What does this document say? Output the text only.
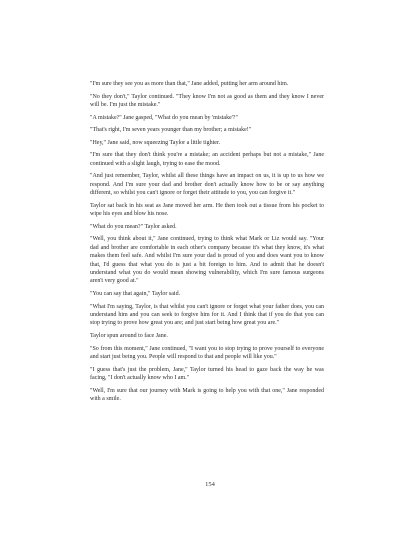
"I'm sure they see you as more than that," Jane added, putting her arm around him.

"No they don't," Taylor continued. "They know I'm not as good as them and they know I never will be. I'm just the mistake."

"A mistake?" Jane gasped, "What do you mean by 'mistake'?"

"That's right, I'm seven years younger than my brother; a mistake!"

"Hey," Jane said, now squeezing Taylor a little tighter.

"I'm sure that they don't think you're a mistake; an accident perhaps but not a mistake," Jane continued with a slight laugh, trying to ease the mood.

"And just remember, Taylor, whilst all these things have an impact on us, it is up to us how we respond. And I'm sure your dad and brother don't actually know how to be or say anything different, so whilst you can't ignore or forget their attitude to you, you can forgive it."

Taylor sat back in his seat as Jane moved her arm. He then took out a tissue from his pocket to wipe his eyes and blow his nose.

"What do you mean?" Taylor asked.

"Well, you think about it," Jane continued, trying to think what Mark or Liz would say. "Your dad and brother are comfortable in each other's company because it's what they know, it's what makes them feel safe. And whilst I'm sure your dad is proud of you and does want you to know that, I'd guess that what you do is just a bit foreign to him. And to admit that he doesn't understand what you do would mean showing vulnerability, which I'm sure famous surgeons aren't very good at."

"You can say that again," Taylor said.

"What I'm saying, Taylor, is that whilst you can't ignore or forget what your father does, you can understand him and you can seek to forgive him for it. And I think that if you do that you can stop trying to prove how great you are; and just start being how great you are."

Taylor spun around to face Jane.

"So from this moment," Jane continued, "I want you to stop trying to prove yourself to everyone and start just being you. People will respond to that and people will like you."

"I guess that's just the problem, Jane," Taylor turned his head to gaze back the way he was facing, "I don't actually know who I am."

"Well, I'm sure that our journey with Mark is going to help you with that one," Jane responded with a smile.

154
